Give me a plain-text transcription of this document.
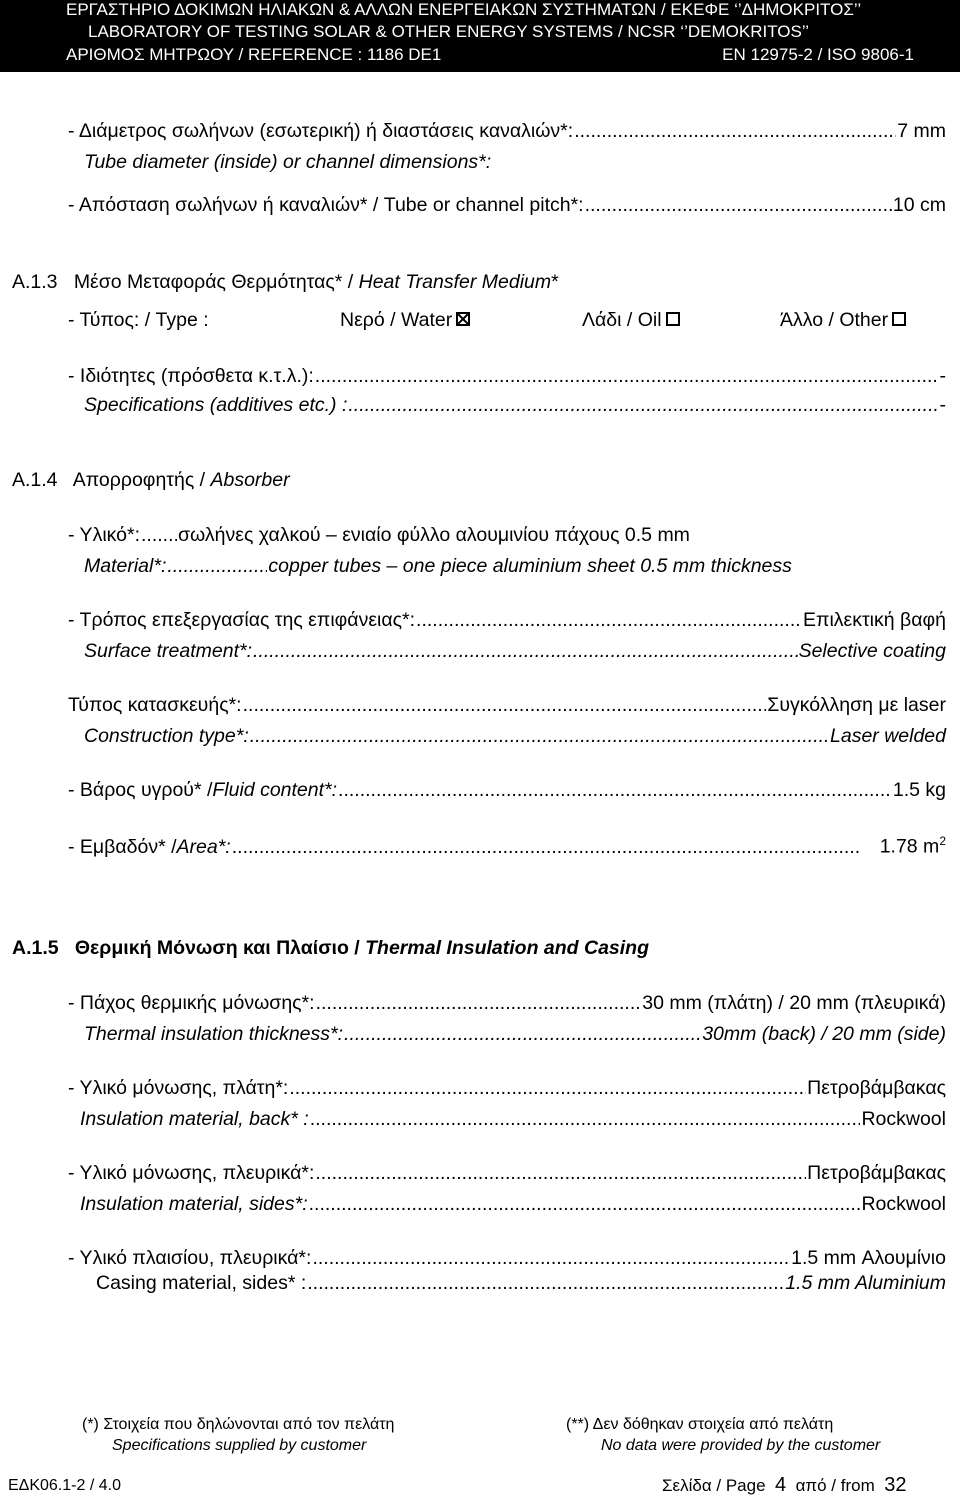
ΕΡΓΑΣΤΗΡΙΟ ΔΟΚΙΜΩΝ ΗΛΙΑΚΩΝ & ΑΛΛΩΝ ΕΝΕΡΓΕΙΑΚΩΝ ΣΥΣΤΗΜΑΤΩΝ / ΕΚΕΦΕ ‘’ΔΗΜΟΚΡΙΤΟΣ’’
LABORATORY OF TESTING SOLAR & OTHER ENERGY SYSTEMS / NCSR ‘’DEMOKRITOS’’
ΑΡΙΘΜΟΣ ΜΗΤΡΩΟΥ / REFERENCE : 1186 DE1	EN 12975-2 / ISO 9806-1
- Διάμετρος σωλήνων (εσωτερική) ή διαστάσεις καναλιών*: .....	7 mm
Tube diameter (inside) or channel dimensions*:
- Απόσταση σωλήνων ή καναλιών* / Tube or channel pitch*: .....	10 cm
Α.1.3 Μέσο Μεταφοράς Θερμότητας* / Heat Transfer Medium*
- Τύπος: / Type :	Νερό / Water	Λάδι / Oil	Άλλο / Other
- Ιδιότητες (πρόσθετα κ.τ.λ.): .....	-
Specifications (additives etc.) : .....	-
Α.1.4 Απορροφητής / Absorber
- Υλικό*: ..... σωλήνες χαλκού – ενιαίο φύλλο αλουμινίου πάχους 0.5 mm
Material*: .....	copper tubes – one piece aluminium sheet 0.5 mm thickness
- Τρόπος επεξεργασίας της επιφάνειας*: .....	Επιλεκτική βαφή
Surface treatment*: .....	Selective coating
Τύπος κατασκευής*: .....	Συγκόλληση με laser
Construction type*: .....	Laser welded
- Βάρος υγρού* / Fluid content*: .....	1.5 kg
- Εμβαδόν* / Area*: .....	1.78 $m^2$
Α.1.5 Θερμική Μόνωση και Πλαίσιο / Thermal Insulation and Casing
- Πάχος θερμικής μόνωσης*: .....	30 mm (πλάτη) / 20 mm (πλευρικά)
Thermal insulation thickness*: .....	30mm (back) / 20 mm (side)
- Υλικό μόνωσης, πλάτη*: .....	Πετροβάμβακας
Insulation material, back* : .....	Rockwool
- Υλικό μόνωσης, πλευρικά*: .....	Πετροβάμβακας
Insulation material, sides*: .....	Rockwool
- Υλικό πλαισίου, πλευρικά*: .....	1.5 mm Αλουμίνιο
Casing material, sides* : .....	1.5 mm Aluminium
(*) Στοιχεία που δηλώνονται από τον πελάτη
Specifications supplied by customer
(**) Δεν δόθηκαν στοιχεία από πελάτη
No data were provided by the customer
ΕΔΚ06.1-2 / 4.0	Σελίδα / Page 4 από / from 32
